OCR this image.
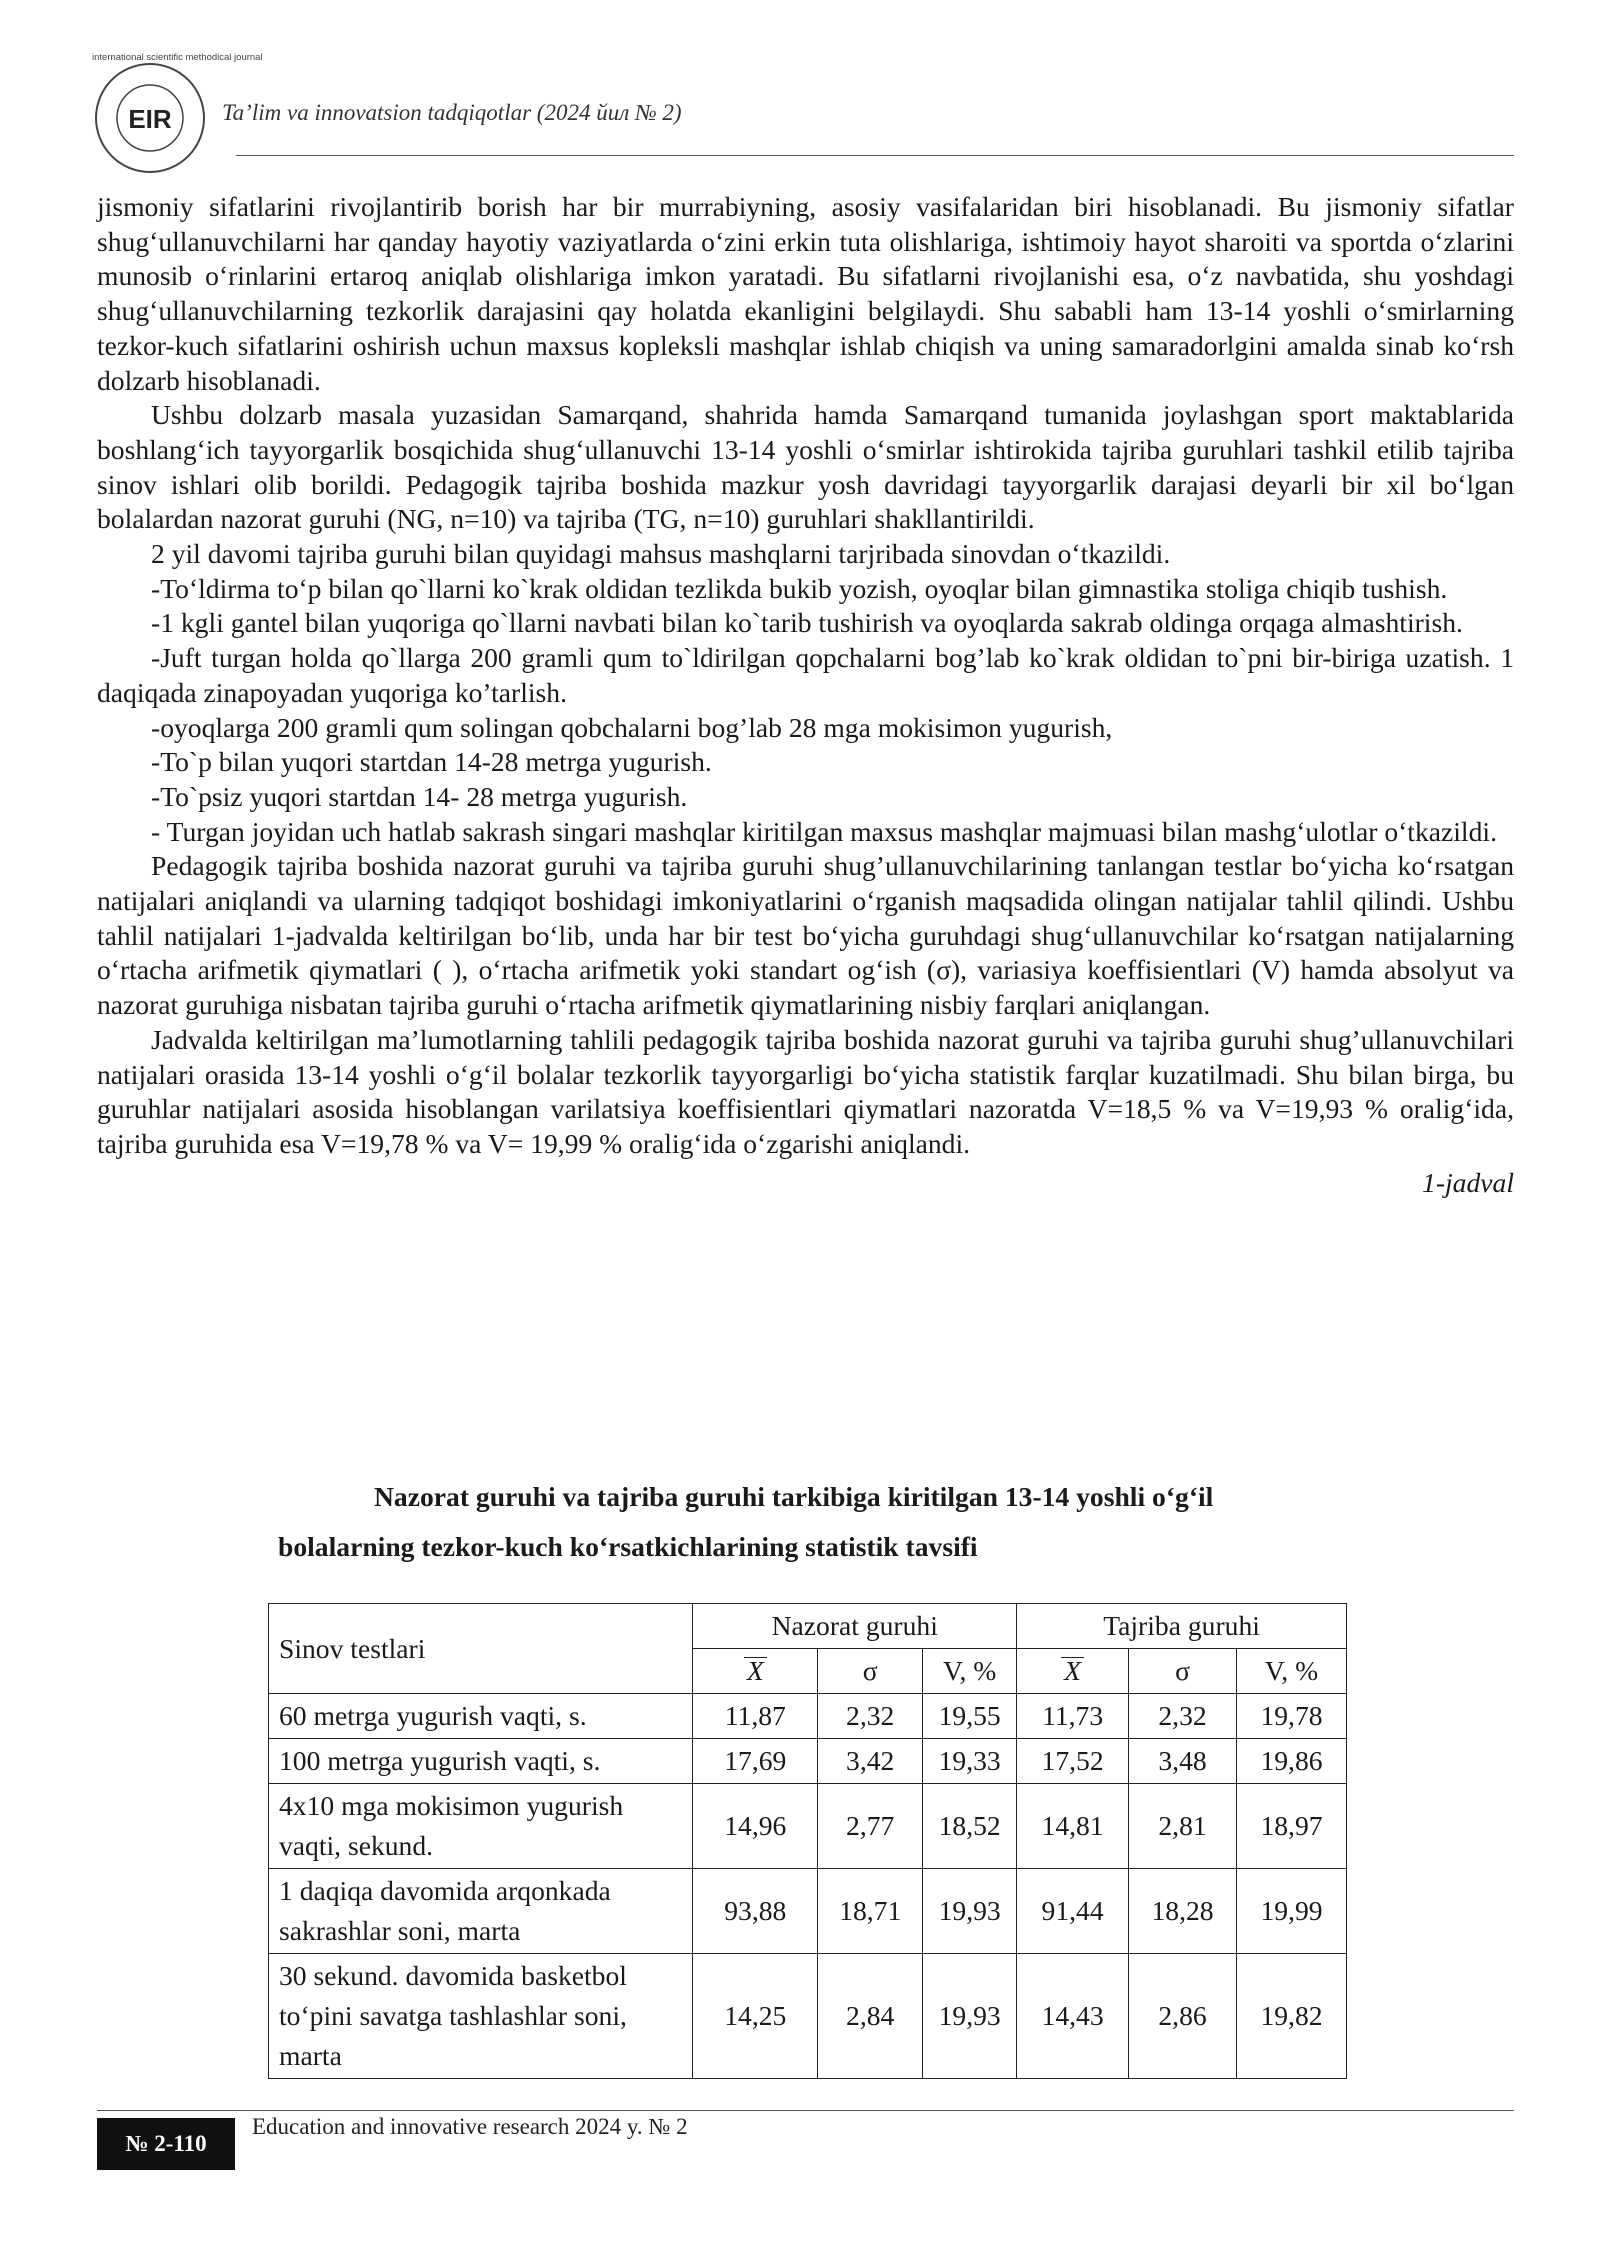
international scientific methodical journal
EIR Ta’lim va innovatsion tadqiqotlar (2024 йил № 2)

jismoniy sifatlarini rivojlantirib borish har bir murrabiyning, asosiy vasifalaridan biri hisoblanadi. Bu jismoniy sifatlar shug‘ullanuvchilarni har qanday hayotiy vaziyatlarda o‘zini erkin tuta olishlariga, ishtimoiy hayot sharoiti va sportda o‘zlarini munosib o‘rinlarini ertaroq aniqlab olishlariga imkon yaratadi. Bu sifatlarni rivojlanishi esa, o‘z navbatida, shu yoshdagi shug‘ullanuvchilarning tezkorlik darajasini qay holatda ekanligini belgilaydi. Shu sababli ham 13-14 yoshli o‘smirlarning tezkor-kuch sifatlarini oshirish uchun maxsus kopleksli mashqlar ishlab chiqish va uning samaradorlgini amalda sinab ko‘rsh dolzarb hisoblanadi.

Ushbu dolzarb masala yuzasidan Samarqand, shahrida hamda Samarqand tumanida joylashgan sport maktablarida boshlang‘ich tayyorgarlik bosqichida shug‘ullanuvchi 13-14 yoshli o‘smirlar ishtirokida tajriba guruhlari tashkil etilib tajriba sinov ishlari olib borildi. Pedagogik tajriba boshida mazkur yosh davridagi tayyorgarlik darajasi deyarli bir xil bo‘lgan bolalardan nazorat guruhi (NG, n=10) va tajriba (TG, n=10) guruhlari shakllantirildi.

2 yil davomi tajriba guruhi bilan quyidagi mahsus mashqlarni tarjribada sinovdan o‘tkazildi.

-To‘ldirma to‘p bilan qo`llarni ko`krak oldidan tezlikda bukib yozish, oyoqlar bilan gimnastika stoliga chiqib tushish.

-1 kgli gantel bilan yuqoriga qo`llarni navbati bilan ko`tarib tushirish va oyoqlarda sakrab oldinga orqaga almashtirish.

-Juft turgan holda qo`llarga 200 gramli qum to`ldirilgan qopchalarni bog’lab ko`krak oldidan to`pni bir-biriga uzatish. 1 daqiqada zinapoyadan yuqoriga ko’tarlish.

-oyoqlarga 200 gramli qum solingan qobchalarni bog’lab 28 mga mokisimon yugurish,

-To`p bilan yuqori startdan 14-28 metrga yugurish.

-To`psiz yuqori startdan 14- 28 metrga yugurish.

- Turgan joyidan uch hatlab sakrash singari mashqlar kiritilgan maxsus mashqlar majmuasi bilan mashg‘ulotlar o‘tkazildi.

Pedagogik tajriba boshida nazorat guruhi va tajriba guruhi shug’ullanuvchilarining tanlangan testlar bo‘yicha ko‘rsatgan natijalari aniqlandi va ularning tadqiqot boshidagi imkoniyatlarini o‘rganish maqsadida olingan natijalar tahlil qilindi. Ushbu tahlil natijalari 1-jadvalda keltirilgan bo‘lib, unda har bir test bo‘yicha guruhdagi shug‘ullanuvchilar ko‘rsatgan natijalarning o‘rtacha arifmetik qiymatlari ( ), o‘rtacha arifmetik yoki standart og‘ish (σ), variasiya koeffisientlari (V) hamda absolyut va nazorat guruhiga nisbatan tajriba guruhi o‘rtacha arifmetik qiymatlarining nisbiy farqlari aniqlangan.

Jadvalda keltirilgan ma’lumotlarning tahlili pedagogik tajriba boshida nazorat guruhi va tajriba guruhi shug’ullanuvchilari natijalari orasida 13-14 yoshli o‘g‘il bolalar tezkorlik tayyorgarligi bo‘yicha statistik farqlar kuzatilmadi. Shu bilan birga, bu guruhlar natijalari asosida hisoblangan varilatsiya koeffisientlari qiymatlari nazoratda V=18,5 % va V=19,93 % oralig‘ida, tajriba guruhida esa V=19,78 % va V= 19,99 % oralig‘ida o‘zgarishi aniqlandi.

1-jadval

Nazorat guruhi va tajriba guruhi tarkibiga kiritilgan 13-14 yoshli o‘g‘il
bolalarning tezkor-kuch ko‘rsatkichlarining statistik tavsifi
Sinov testlari	Nazorat guruhi			Tajriba guruhi		
	X	σ	V, %	X	σ	V, %
60 metrga yugurish vaqti, s.	11,87	2,32	19,55	11,73	2,32	19,78
100 metrga yugurish vaqti, s.	17,69	3,42	19,33	17,52	3,48	19,86
4x10 mga mokisimon yugurish vaqti, sekund.	14,96	2,77	18,52	14,81	2,81	18,97
1 daqiqa davomida arqonkada sakrashlar soni, marta	93,88	18,71	19,93	91,44	18,28	19,99
30 sekund. davomida basketbol to‘pini savatga tashlashlar soni, marta	14,25	2,84	19,93	14,43	2,86	19,82
№ 2-110
Education and innovative research 2024 y. № 2
